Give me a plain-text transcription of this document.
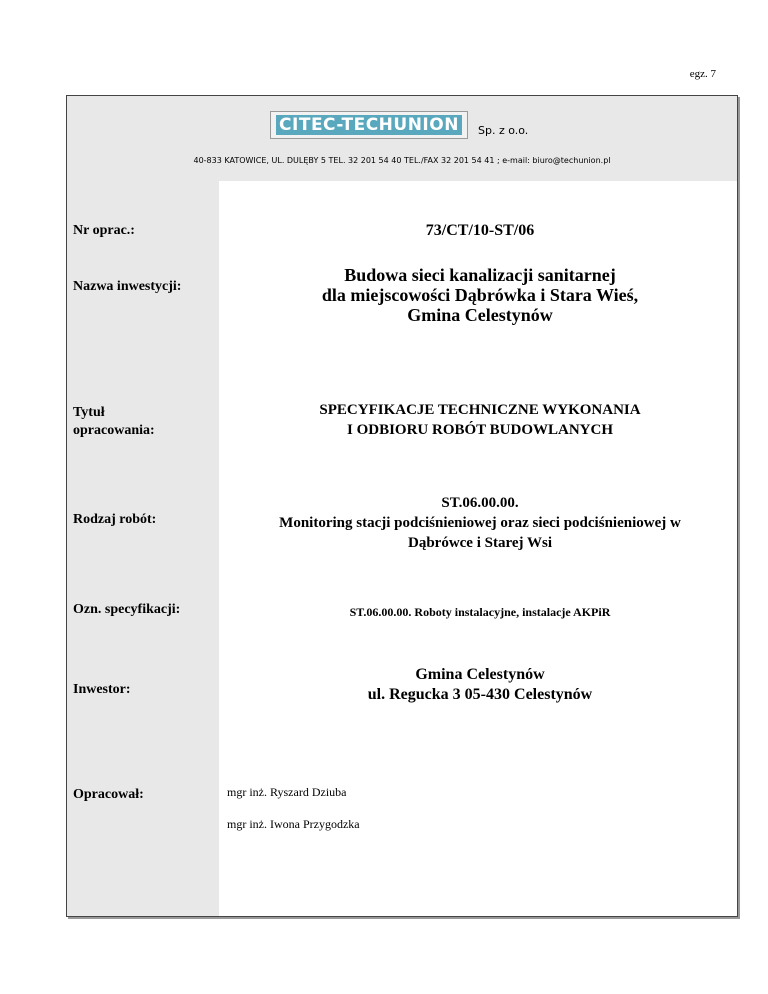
egz. 7
CITEC-TECHUNION Sp. z o.o.
40-833 KATOWICE, UL. DULĘBY 5 TEL. 32 201 54 40 TEL./FAX 32 201 54 41 ; e-mail: biuro@techunion.pl
Nr oprac.:	73/CT/10-ST/06
Nazwa inwestycji:
Budowa sieci kanalizacji sanitarnej
dla miejscowości Dąbrówka i Stara Wieś,
Gmina Celestynów
Tytuł
opracowania:
SPECYFIKACJE TECHNICZNE WYKONANIA
I ODBIORU ROBÓT BUDOWLANYCH
Rodzaj robót:
ST.06.00.00.
Monitoring stacji podciśnieniowej oraz sieci podciśnieniowej w
Dąbrówce i Starej Wsi
Ozn. specyfikacji:	ST.06.00.00. Roboty instalacyjne, instalacje AKPiR
Inwestor:
Gmina Celestynów
ul. Regucka 3 05-430 Celestynów
Opracował:	mgr inż. Ryszard Dziuba
mgr inż. Iwona Przygodzka
